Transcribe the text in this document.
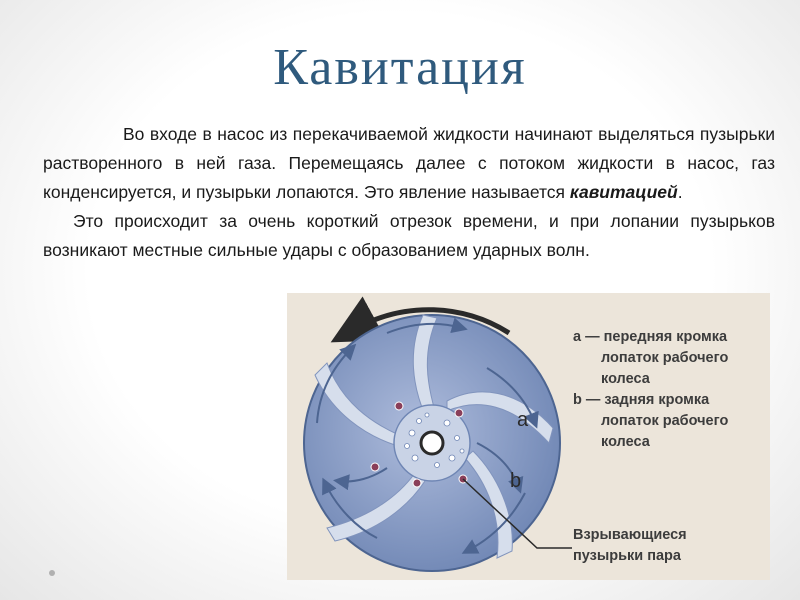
Кавитация

Во входе в насос из перекачиваемой жидкости начинают выделяться пузырьки растворенного в ней газа. Перемещаясь далее с потоком жидкости в насос, газ конденсируется, и пузырьки лопаются. Это явление называется кавитацией.

Это происходит за очень короткий отрезок времени, и при лопании пузырьков возникают местные сильные удары с образованием ударных волн.

a
b
а — передняя кромка
лопаток рабочего
колеса
b — задняя кромка
лопаток рабочего
колеса
Взрывающиеся
пузырьки пара
